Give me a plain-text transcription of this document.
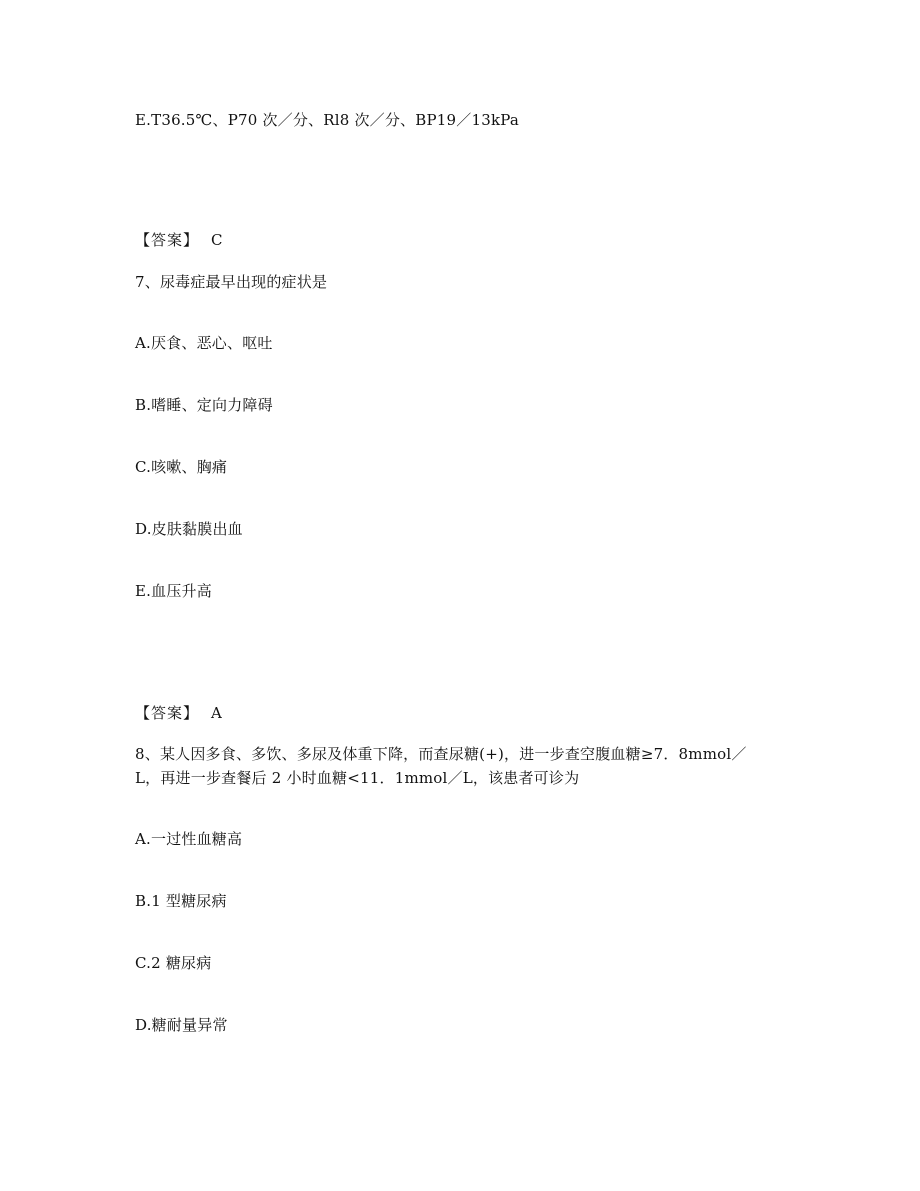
E.T36.5℃、P70 次／分、Rl8 次／分、BP19／13kPa
【答案】 C
7、尿毒症最早出现的症状是
A.厌食、恶心、呕吐
B.嗜睡、定向力障碍
C.咳嗽、胸痛
D.皮肤黏膜出血
E.血压升高
【答案】 A
8、某人因多食、多饮、多尿及体重下降，而查尿糖(+)，进一步查空腹血糖≥7．8mmol／
L，再进一步查餐后 2 小时血糖<11．1mmol／L，该患者可诊为
A.一过性血糖高
B.1 型糖尿病
C.2 糖尿病
D.糖耐量异常
